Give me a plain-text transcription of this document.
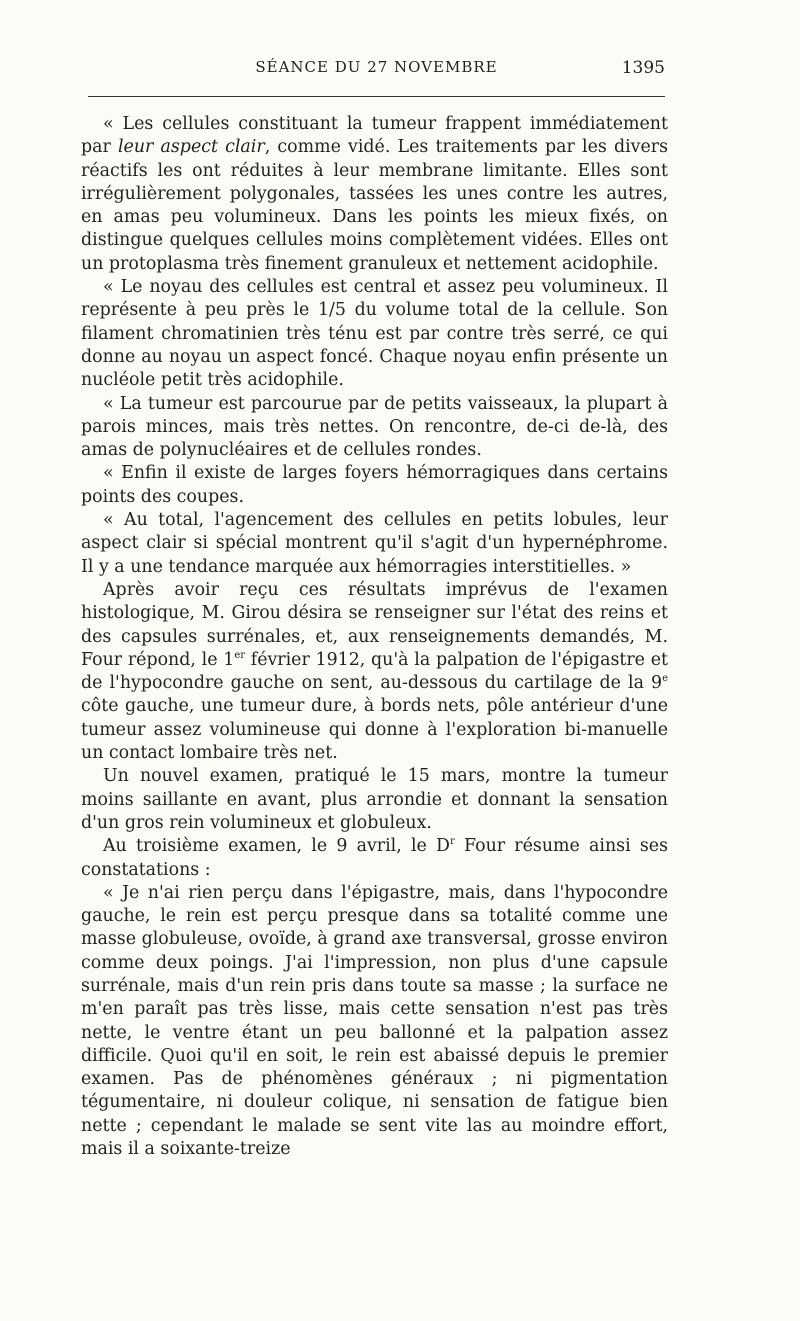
SÉANCE DU 27 NOVEMBRE	1395

« Les cellules constituant la tumeur frappent immédiatement par leur aspect clair, comme vidé. Les traitements par les divers réactifs les ont réduites à leur membrane limitante. Elles sont irrégulièrement polygonales, tassées les unes contre les autres, en amas peu volumineux. Dans les points les mieux fixés, on distingue quelques cellules moins complètement vidées. Elles ont un protoplasma très finement granuleux et nettement acidophile.

« Le noyau des cellules est central et assez peu volumineux. Il représente à peu près le 1/5 du volume total de la cellule. Son filament chromatinien très ténu est par contre très serré, ce qui donne au noyau un aspect foncé. Chaque noyau enfin présente un nucléole petit très acidophile.

« La tumeur est parcourue par de petits vaisseaux, la plupart à parois minces, mais très nettes. On rencontre, de-ci de-là, des amas de polynucléaires et de cellules rondes.

« Enfin il existe de larges foyers hémorragiques dans certains points des coupes.

« Au total, l'agencement des cellules en petits lobules, leur aspect clair si spécial montrent qu'il s'agit d'un hypernéphrome. Il y a une tendance marquée aux hémorragies interstitielles. »

Après avoir reçu ces résultats imprévus de l'examen histologique, M. Girou désira se renseigner sur l'état des reins et des capsules surrénales, et, aux renseignements demandés, M. Four répond, le 1er février 1912, qu'à la palpation de l'épigastre et de l'hypocondre gauche on sent, au-dessous du cartilage de la 9e côte gauche, une tumeur dure, à bords nets, pôle antérieur d'une tumeur assez volumineuse qui donne à l'exploration bi-manuelle un contact lombaire très net.

Un nouvel examen, pratiqué le 15 mars, montre la tumeur moins saillante en avant, plus arrondie et donnant la sensation d'un gros rein volumineux et globuleux.

Au troisième examen, le 9 avril, le $D^r$ Four résume ainsi ses constatations :

« Je n'ai rien perçu dans l'épigastre, mais, dans l'hypocondre gauche, le rein est perçu presque dans sa totalité comme une masse globuleuse, ovoïde, à grand axe transversal, grosse environ comme deux poings. J'ai l'impression, non plus d'une capsule surrénale, mais d'un rein pris dans toute sa masse ; la surface ne m'en paraît pas très lisse, mais cette sensation n'est pas très nette, le ventre étant un peu ballonné et la palpation assez difficile. Quoi qu'il en soit, le rein est abaissé depuis le premier examen. Pas de phénomènes généraux ; ni pigmentation tégumentaire, ni douleur colique, ni sensation de fatigue bien nette ; cependant le malade se sent vite las au moindre effort, mais il a soixante-treize
